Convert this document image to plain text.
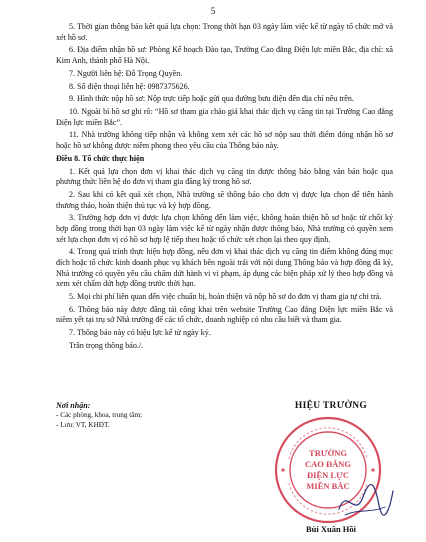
5

5. Thời gian thông báo kết quả lựa chọn: Trong thời hạn 03 ngày làm việc kể từ ngày tổ chức mở và xét hồ sơ.

6. Địa điểm nhận hồ sơ: Phòng Kế hoạch Đào tạo, Trường Cao đẳng Điện lực miền Bắc, địa chỉ: xã Kim Anh, thành phố Hà Nội.

7. Người liên hệ: Đỗ Trọng Quyền.

8. Số điện thoại liên hệ: 0987375626.

9. Hình thức nộp hồ sơ: Nộp trực tiếp hoặc gửi qua đường bưu điện đến địa chỉ nêu trên.

10. Ngoài bì hồ sơ ghi rõ: “Hồ sơ tham gia chào giá khai thác dịch vụ căng tin tại Trường Cao đẳng Điện lực miền Bắc”.

11. Nhà trường không tiếp nhận và không xem xét các hồ sơ nộp sau thời điểm đóng nhận hồ sơ hoặc hồ sơ không được niêm phong theo yêu cầu của Thông báo này.

Điều 8. Tổ chức thực hiện

1. Kết quả lựa chọn đơn vị khai thác dịch vụ căng tin được thông báo bằng văn bản hoặc qua phương thức liên hệ do đơn vị tham gia đăng ký trong hồ sơ.

2. Sau khi có kết quả xét chọn, Nhà trường sẽ thông báo cho đơn vị được lựa chọn để tiến hành thương thảo, hoàn thiện thủ tục và ký hợp đồng.

3. Trường hợp đơn vị được lựa chọn không đến làm việc, không hoàn thiện hồ sơ hoặc từ chối ký hợp đồng trong thời hạn 03 ngày làm việc kể từ ngày nhận được thông báo, Nhà trường có quyền xem xét lựa chọn đơn vị có hồ sơ hợp lệ tiếp theo hoặc tổ chức xét chọn lại theo quy định.

4. Trong quá trình thực hiện hợp đồng, nếu đơn vị khai thác dịch vụ căng tin điểm không đúng mục đích hoặc tổ chức kinh doanh phục vụ khách bên ngoài trái với nội dung Thông báo và hợp đồng đã ký, Nhà trường có quyền yêu cầu chấm dứt hành vi vi phạm, áp dụng các biện pháp xử lý theo hợp đồng và xem xét chấm dứt hợp đồng trước thời hạn.

5. Mọi chi phí liên quan đến việc chuẩn bị, hoàn thiện và nộp hồ sơ do đơn vị tham gia tự chi trả.

6. Thông báo này được đăng tải công khai trên website Trường Cao đẳng Điện lực miền Bắc và niêm yết tại trụ sở Nhà trường để các tổ chức, doanh nghiệp có nhu cầu biết và tham gia.

7. Thông báo này có hiệu lực kể từ ngày ký.

Trân trọng thông báo./.

Nơi nhận:
- Các phòng, khoa, trung tâm;
- Lưu: VT, KHĐT.
HIỆU TRƯỞNG
TRƯỜNG
CAO ĐẲNG
ĐIỆN LỰC
MIỀN BẮC
Bùi Xuân Hồi
